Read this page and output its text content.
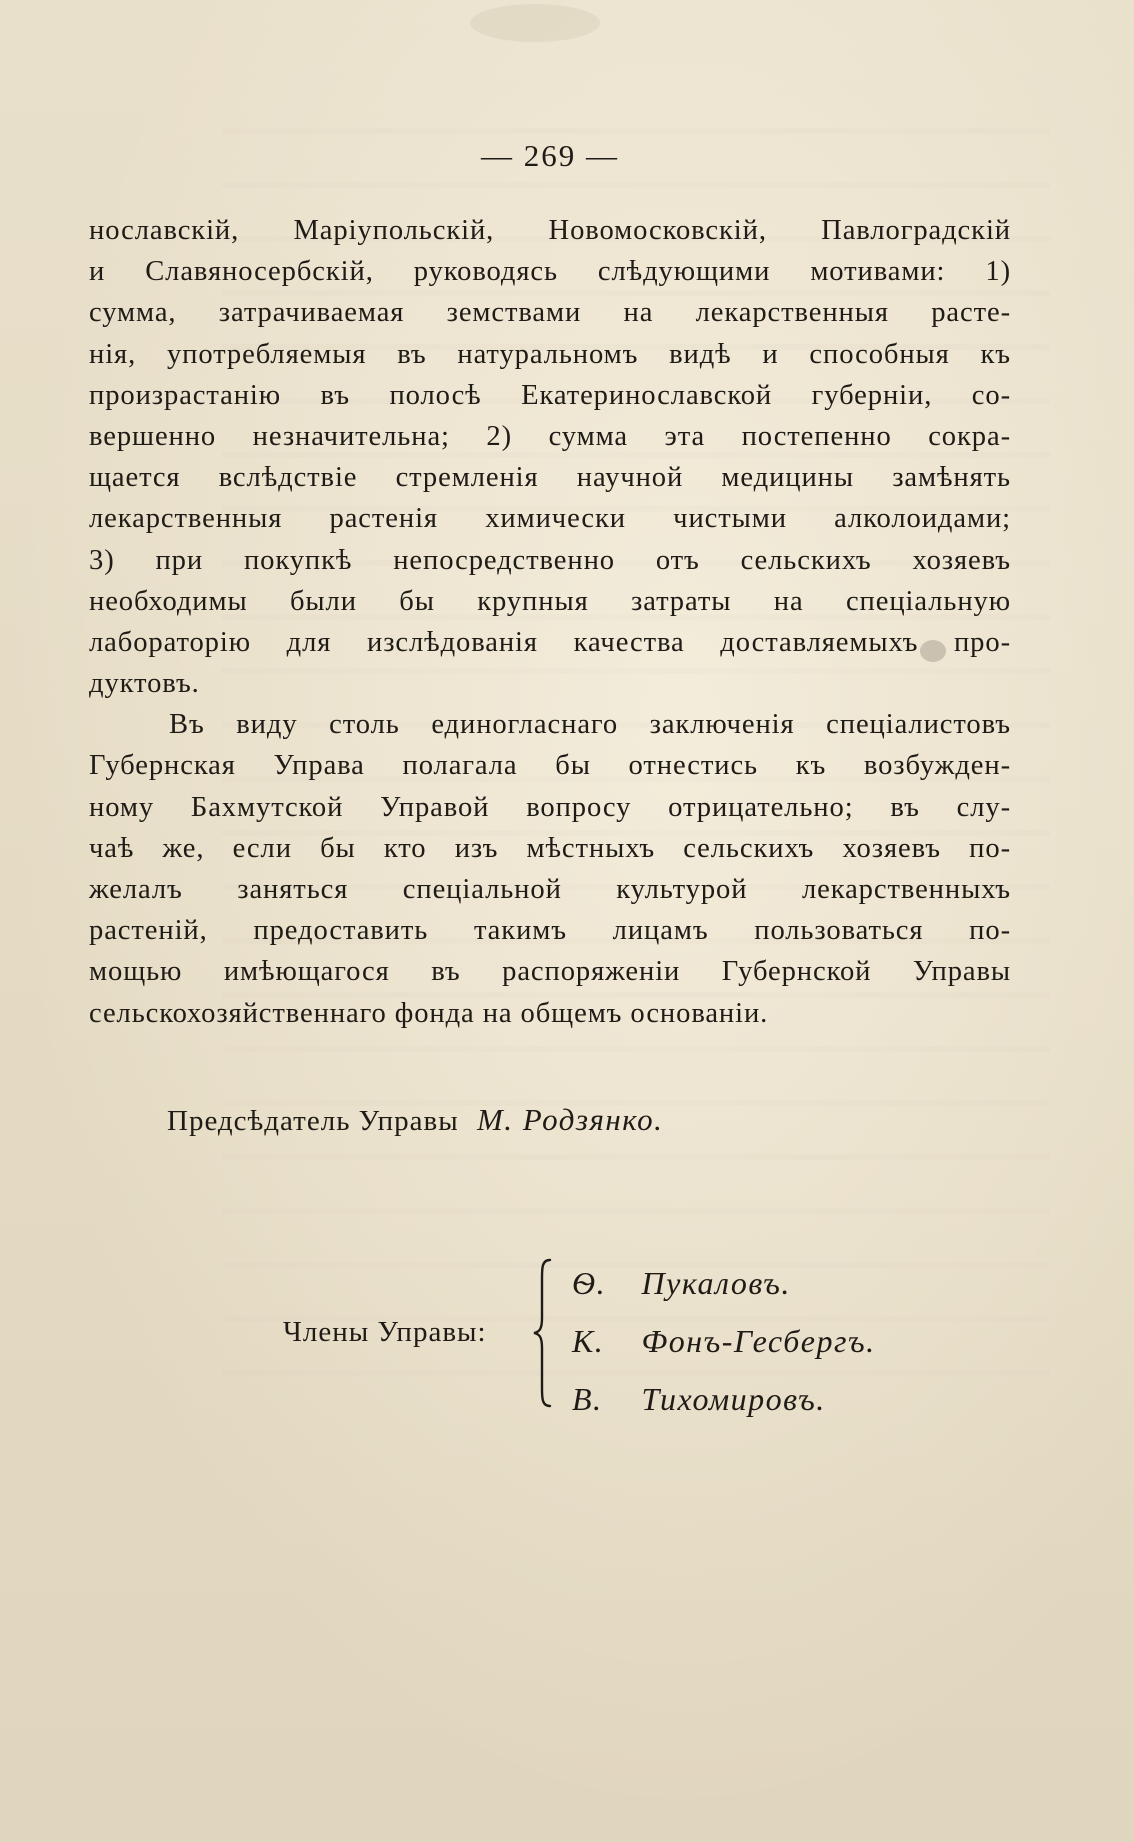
— 269 —
нославскій, Маріупольскій, Новомосковскій, Павлоградскій
и Славяносербскій, руководясь слѣдующими мотивами: 1)
сумма, затрачиваемая земствами на лекарственныя расте-
нія, употребляемыя въ натуральномъ видѣ и способныя къ
произрастанію въ полосѣ Екатеринославской губерніи, со-
вершенно незначительна; 2) сумма эта постепенно сокра-
щается вслѣдствіе стремленія научной медицины замѣнять
лекарственныя растенія химически чистыми алколоидами;
3) при покупкѣ непосредственно отъ сельскихъ хозяевъ
необходимы были бы крупныя затраты на спеціальную
лабораторію для изслѣдованія качества доставляемыхъ про-
дуктовъ.
Въ виду столь единогласнаго заключенія спеціалистовъ
Губернская Управа полагала бы отнестись къ возбужден-
ному Бахмутской Управой вопросу отрицательно; въ слу-
чаѣ же, если бы кто изъ мѣстныхъ сельскихъ хозяевъ по-
желалъ заняться спеціальной культурой лекарственныхъ
растеній, предоставить такимъ лицамъ пользоваться по-
мощью имѣющагося въ распоряженіи Губернской Управы
сельскохозяйственнаго фонда на общемъ основаніи.
Предсѣдатель Управы М. Родзянко.
Члены Управы:
Ѳ. Пукаловъ.
К. Фонъ-Гесбергъ.
В. Тихомировъ.
